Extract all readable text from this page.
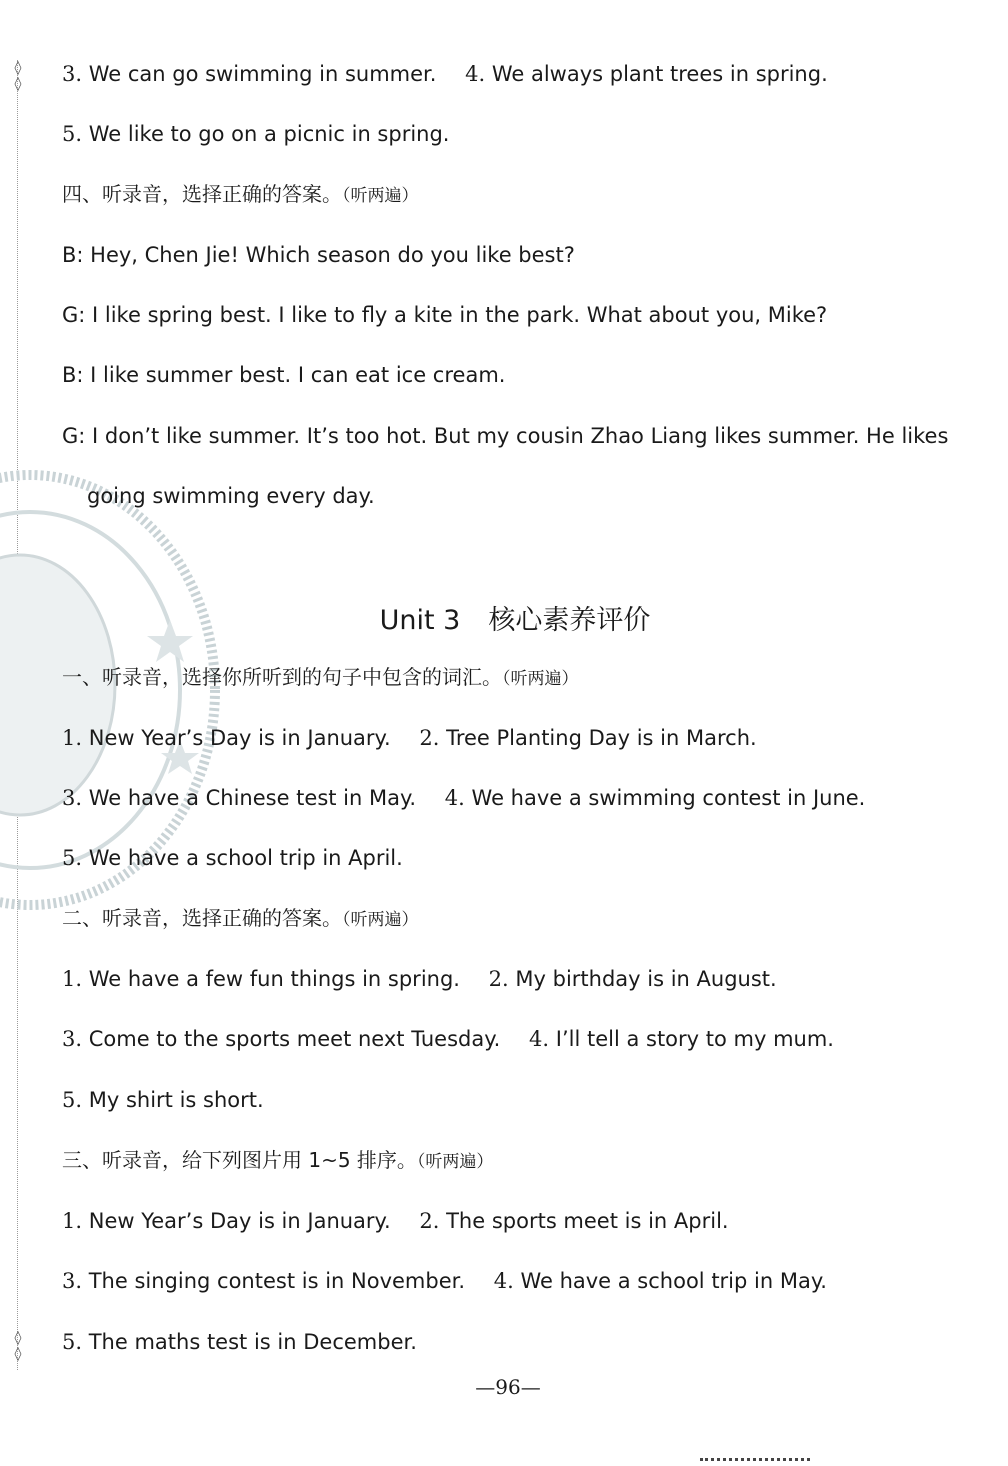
◊
◊
◊
◊
3. We can go swimming in summer. 4. We always plant trees in spring.
5. We like to go on a picnic in spring.
四、听录音，选择正确的答案。（听两遍）
B: Hey, Chen Jie! Which season do you like best?
G: I like spring best. I like to fly a kite in the park. What about you, Mike?
B: I like summer best. I can eat ice cream.
G: I don’t like summer. It’s too hot. But my cousin Zhao Liang likes summer. He likes
going swimming every day.
Unit 3 核心素养评价
一、听录音，选择你所听到的句子中包含的词汇。（听两遍）
1. New Year’s Day is in January. 2. Tree Planting Day is in March.
3. We have a Chinese test in May. 4. We have a swimming contest in June.
5. We have a school trip in April.
二、听录音，选择正确的答案。（听两遍）
1. We have a few fun things in spring. 2. My birthday is in August.
3. Come to the sports meet next Tuesday. 4. I’ll tell a story to my mum.
5. My shirt is short.
三、听录音，给下列图片用 1~5 排序。（听两遍）
1. New Year’s Day is in January. 2. The sports meet is in April.
3. The singing contest is in November. 4. We have a school trip in May.
5. The maths test is in December.
—96—
